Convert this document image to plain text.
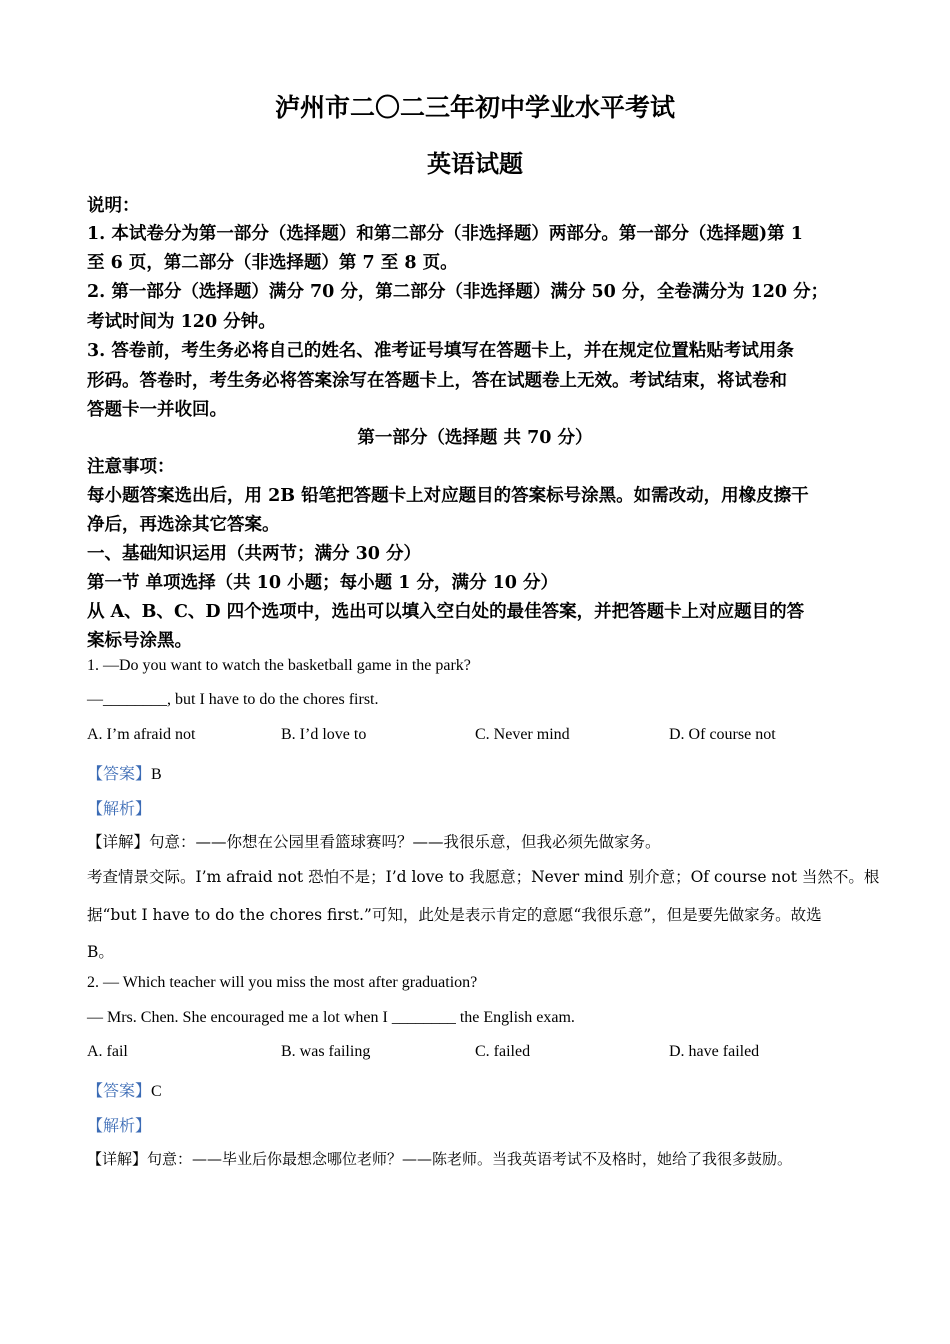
泸州市二〇二三年初中学业水平考试
英语试题
说明：
1. 本试卷分为第一部分（选择题）和第二部分（非选择题）两部分。第一部分（选择题)第 1
至 6 页，第二部分（非选择题）第 7 至 8 页。
2. 第一部分（选择题）满分 70 分，第二部分（非选择题）满分 50 分，全卷满分为 120 分；
考试时间为 120 分钟。
3. 答卷前，考生务必将自己的姓名、准考证号填写在答题卡上，并在规定位置粘贴考试用条
形码。答卷时，考生务必将答案涂写在答题卡上，答在试题卷上无效。考试结束，将试卷和
答题卡一并收回。
第一部分（选择题 共 70 分）
注意事项：
每小题答案选出后，用 2B 铅笔把答题卡上对应题目的答案标号涂黑。如需改动，用橡皮擦干
净后，再选涂其它答案。
一、基础知识运用（共两节；满分 30 分）
第一节 单项选择（共 10 小题；每小题 1 分，满分 10 分）
从 A、B、C、D 四个选项中，选出可以填入空白处的最佳答案，并把答题卡上对应题目的答
案标号涂黑。
1. —Do you want to watch the basketball game in the park?
—________, but I have to do the chores first.
A. I’m afraid not	B. I’d love to	C. Never mind	D. Of course not
【答案】B
【解析】
【详解】句意：——你想在公园里看篮球赛吗？——我很乐意，但我必须先做家务。
考查情景交际。I’m afraid not 恐怕不是；I’d love to 我愿意；Never mind 别介意；Of course not 当然不。根
据“but I have to do the chores first.”可知，此处是表示肯定的意愿“我很乐意”，但是要先做家务。故选
B。
2. — Which teacher will you miss the most after graduation?
— Mrs. Chen. She encouraged me a lot when I ________ the English exam.
A. fail	B. was failing	C. failed	D. have failed
【答案】C
【解析】
【详解】句意：——毕业后你最想念哪位老师？——陈老师。当我英语考试不及格时，她给了我很多鼓励。
